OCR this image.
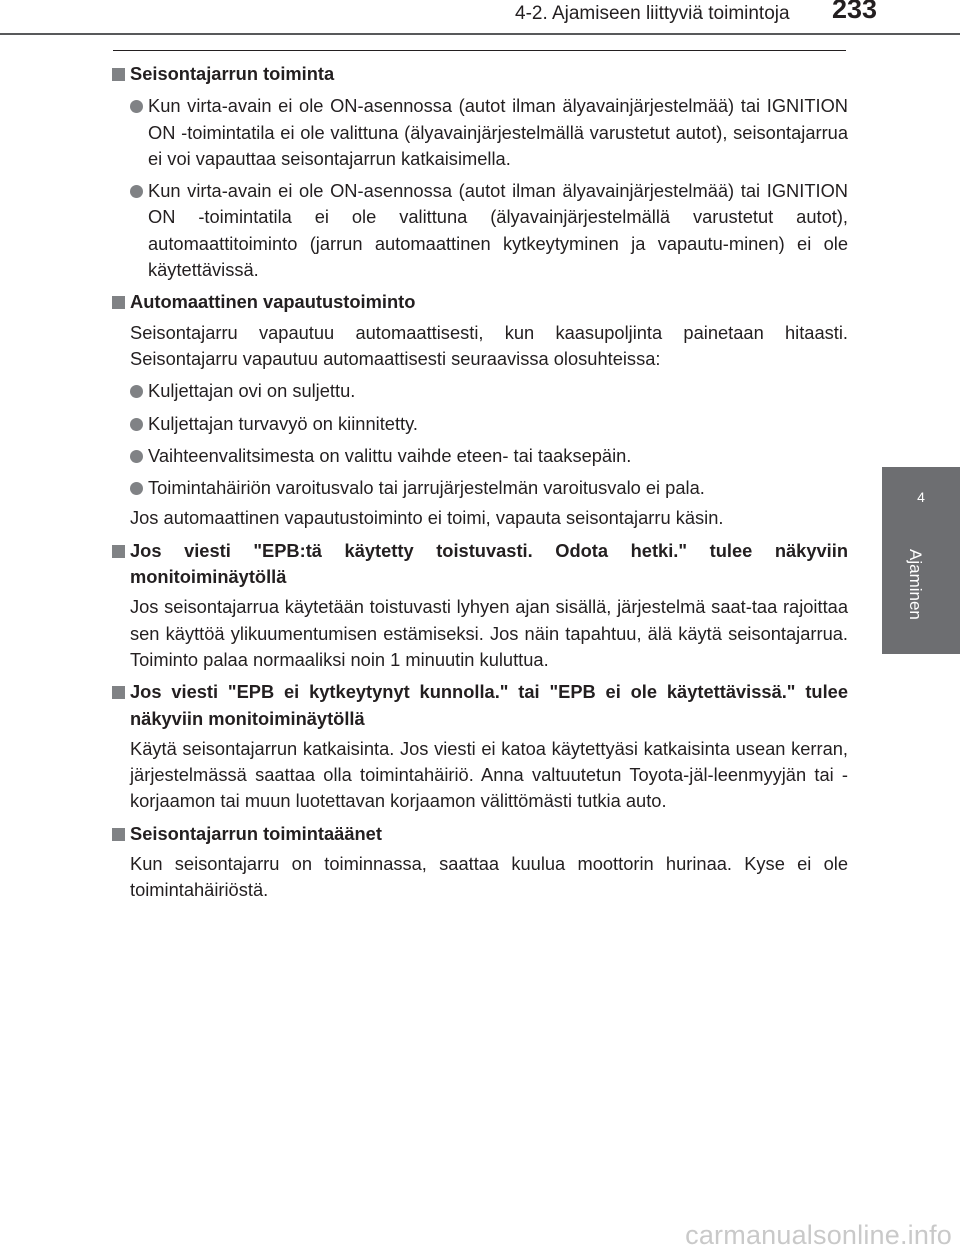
4-2. Ajamiseen liittyviä toimintoja 233
4
Ajaminen
Seisontajarrun toiminta
Kun virta-avain ei ole ON-asennossa (autot ilman älyavainjärjestelmää) tai IGNITION ON -toimintatila ei ole valittuna (älyavainjärjestelmällä varustetut autot), seisontajarrua ei voi vapauttaa seisontajarrun katkaisimella.
Kun virta-avain ei ole ON-asennossa (autot ilman älyavainjärjestelmää) tai IGNITION ON -toimintatila ei ole valittuna (älyavainjärjestelmällä varustetut autot), automaattitoiminto (jarrun automaattinen kytkeytyminen ja vapautu-minen) ei ole käytettävissä.
Automaattinen vapautustoiminto
Seisontajarru vapautuu automaattisesti, kun kaasupoljinta painetaan hitaasti. Seisontajarru vapautuu automaattisesti seuraavissa olosuhteissa:
Kuljettajan ovi on suljettu.
Kuljettajan turvavyö on kiinnitetty.
Vaihteenvalitsimesta on valittu vaihde eteen- tai taaksepäin.
Toimintahäiriön varoitusvalo tai jarrujärjestelmän varoitusvalo ei pala.
Jos automaattinen vapautustoiminto ei toimi, vapauta seisontajarru käsin.
Jos viesti "EPB:tä käytetty toistuvasti. Odota hetki." tulee näkyviin monitoiminäytöllä
Jos seisontajarrua käytetään toistuvasti lyhyen ajan sisällä, järjestelmä saat-taa rajoittaa sen käyttöä ylikuumentumisen estämiseksi. Jos näin tapahtuu, älä käytä seisontajarrua. Toiminto palaa normaaliksi noin 1 minuutin kuluttua.
Jos viesti "EPB ei kytkeytynyt kunnolla." tai "EPB ei ole käytettävissä." tulee näkyviin monitoiminäytöllä
Käytä seisontajarrun katkaisinta. Jos viesti ei katoa käytettyäsi katkaisinta usean kerran, järjestelmässä saattaa olla toimintahäiriö. Anna valtuutetun Toyota-jäl-leenmyyjän tai -korjaamon tai muun luotettavan korjaamon välittömästi tutkia auto.
Seisontajarrun toimintaäänet
Kun seisontajarru on toiminnassa, saattaa kuulua moottorin hurinaa. Kyse ei ole toimintahäiriöstä.
carmanualsonline.info
